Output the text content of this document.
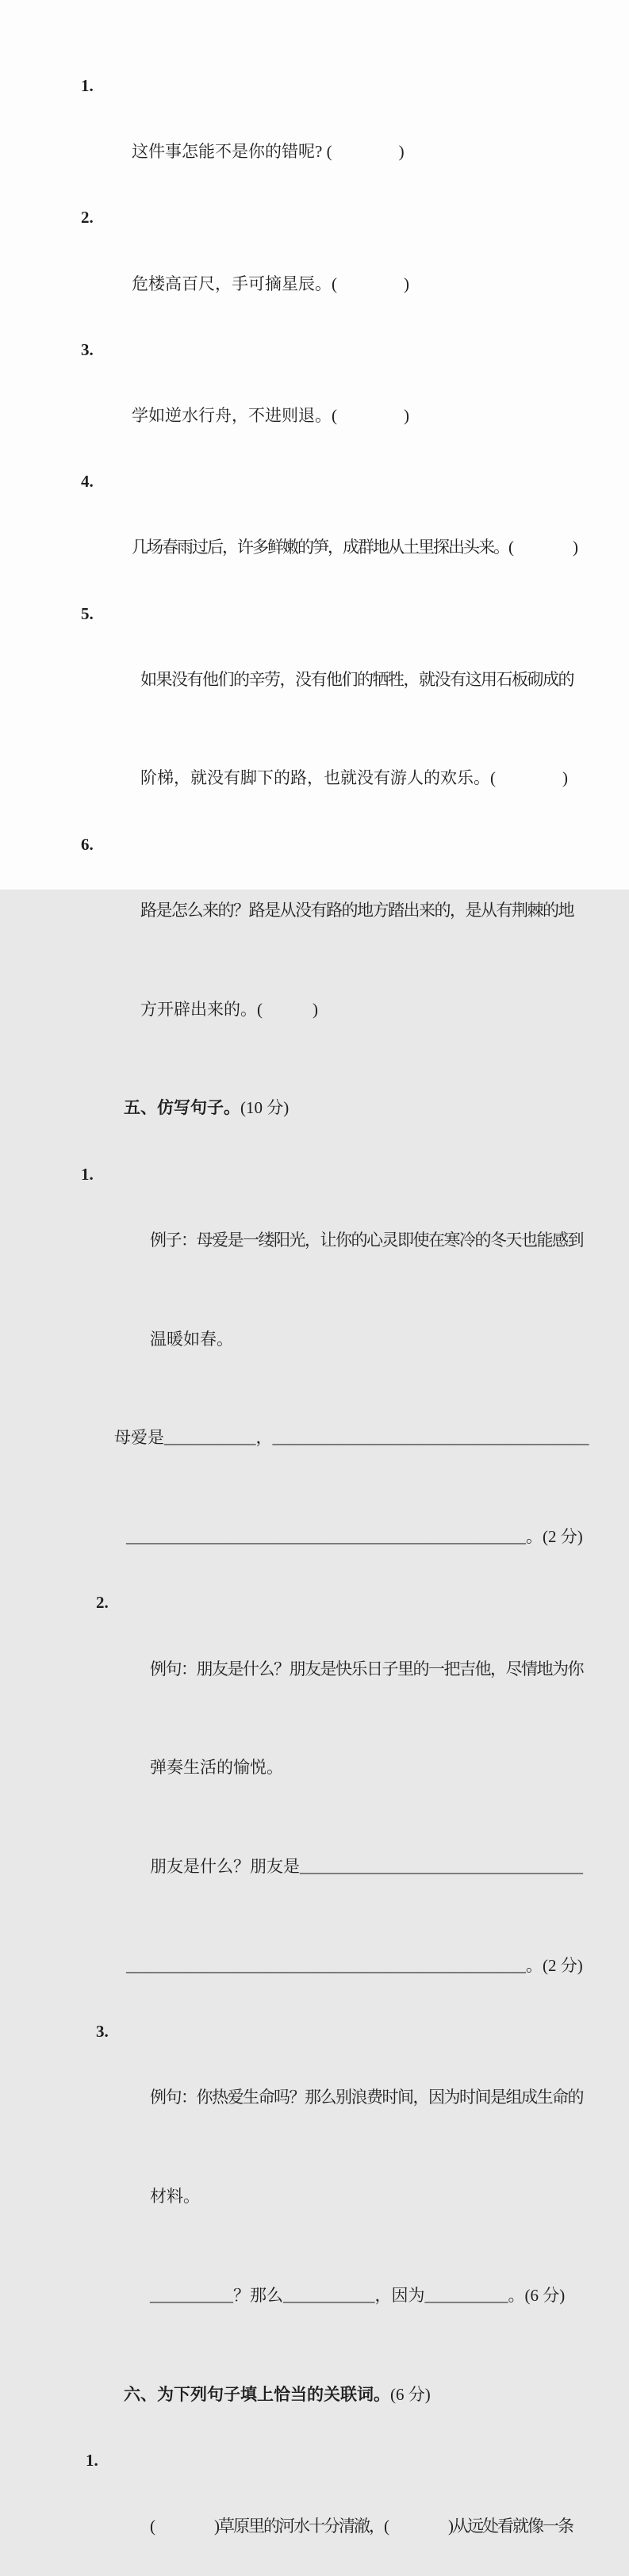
1.

这件事怎能不是你的错呢? (　　　　)

2.

危楼高百尺，手可摘星辰。(　　　　)

3.

学如逆水行舟，不进则退。(　　　　)

4.

几场春雨过后，许多鲜嫩的笋，成群地从土里探出头来。(　　　　)

5.

如果没有他们的辛劳，没有他们的牺牲，就没有这用石板砌成的

阶梯，就没有脚下的路，也就没有游人的欢乐。(　　　　)

6.

路是怎么来的？路是从没有路的地方踏出来的，是从有荆棘的地

方开辟出来的。(　　　)

五、仿写句子。(10 分)

1.

例子：母爱是一缕阳光，让你的心灵即使在寒冷的冬天也能感到

温暖如春。

母爱是___________，______________________________________

________________________________________________。(2 分)

2.

例句：朋友是什么？朋友是快乐日子里的一把吉他，尽情地为你

弹奏生活的愉悦。

朋友是什么？朋友是__________________________________

________________________________________________。(2 分)

3.

例句：你热爱生命吗？那么别浪费时间，因为时间是组成生命的

材料。

__________？那么___________，因为__________。(6 分)

六、为下列句子填上恰当的关联词。(6 分)

1.

(　　　　)草原里的河水十分清澈，(　　　　)从远处看就像一条
